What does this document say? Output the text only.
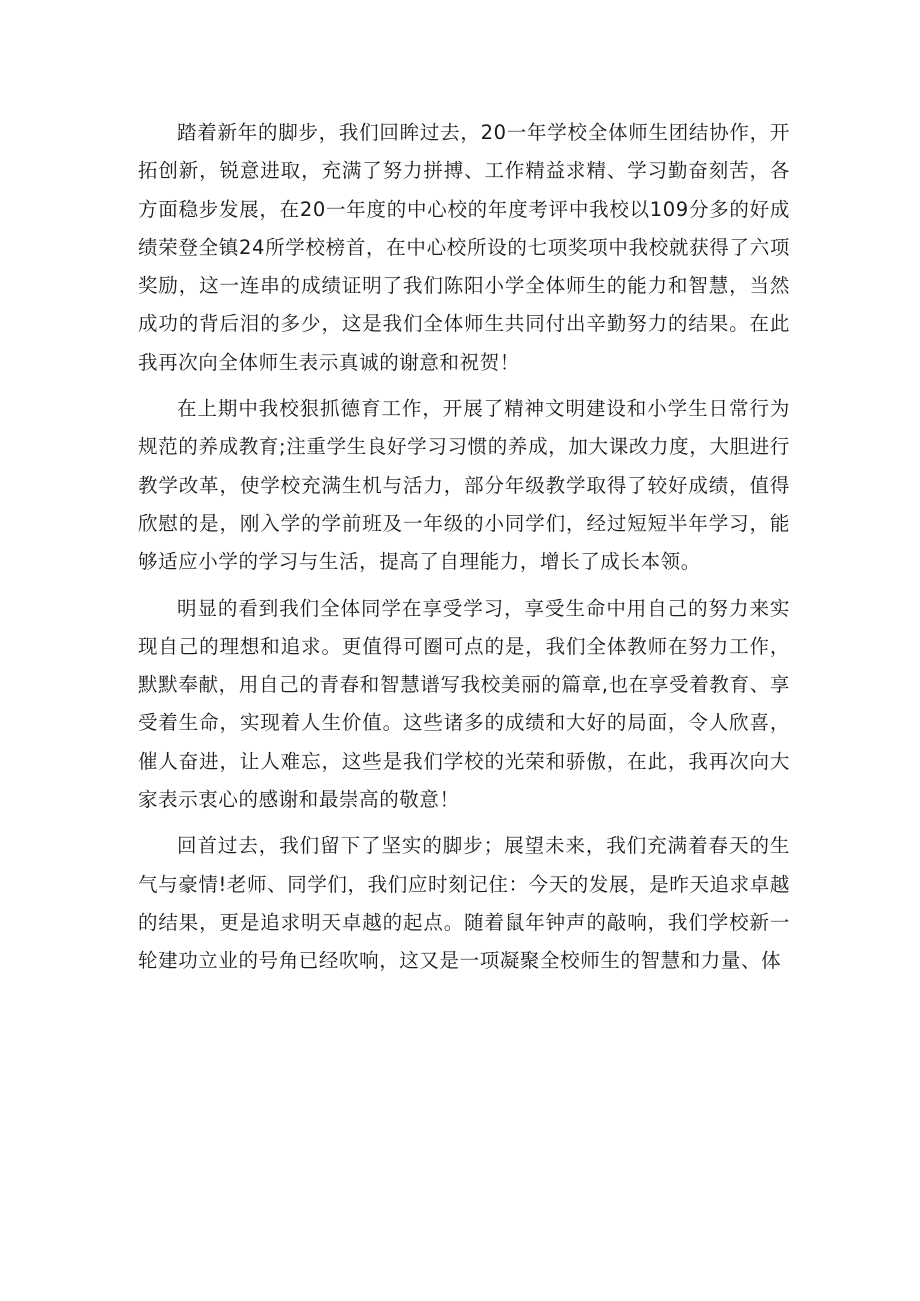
踏着新年的脚步，我们回眸过去，20一年学校全体师生团结协作，开拓创新，锐意进取，充满了努力拼搏、工作精益求精、学习勤奋刻苦，各方面稳步发展，在20一年度的中心校的年度考评中我校以109分多的好成绩荣登全镇24所学校榜首，在中心校所设的七项奖项中我校就获得了六项奖励，这一连串的成绩证明了我们陈阳小学全体师生的能力和智慧，当然成功的背后泪的多少，这是我们全体师生共同付出辛勤努力的结果。在此我再次向全体师生表示真诚的谢意和祝贺！

在上期中我校狠抓德育工作，开展了精神文明建设和小学生日常行为规范的养成教育;注重学生良好学习习惯的养成，加大课改力度，大胆进行教学改革，使学校充满生机与活力，部分年级教学取得了较好成绩，值得欣慰的是，刚入学的学前班及一年级的小同学们，经过短短半年学习，能够适应小学的学习与生活，提高了自理能力，增长了成长本领。

明显的看到我们全体同学在享受学习，享受生命中用自己的努力来实现自己的理想和追求。更值得可圈可点的是，我们全体教师在努力工作，默默奉献，用自己的青春和智慧谱写我校美丽的篇章,也在享受着教育、享受着生命，实现着人生价值。这些诸多的成绩和大好的局面，令人欣喜，催人奋进，让人难忘，这些是我们学校的光荣和骄傲，在此，我再次向大家表示衷心的感谢和最崇高的敬意！

回首过去，我们留下了坚实的脚步；展望未来，我们充满着春天的生气与豪情!老师、同学们，我们应时刻记住：今天的发展，是昨天追求卓越的结果，更是追求明天卓越的起点。随着鼠年钟声的敲响，我们学校新一轮建功立业的号角已经吹响，这又是一项凝聚全校师生的智慧和力量、体
